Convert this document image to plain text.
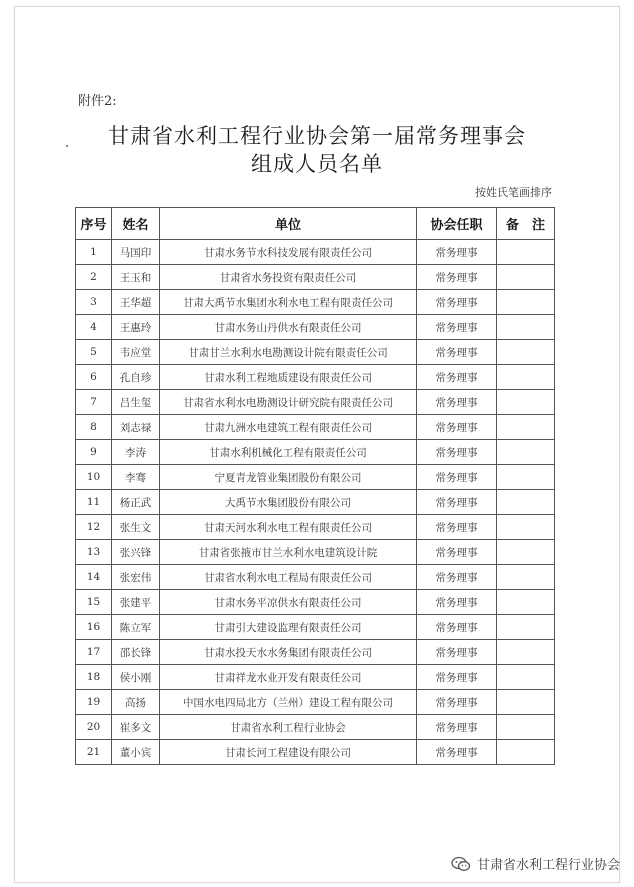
附件2:
甘肃省水利工程行业协会第一届常务理事会
组成人员名单
按姓氏笔画排序
序号	姓名	单位	协会任职	备　注
1	马国印	甘肃水务节水科技发展有限责任公司	常务理事	
2	王玉和	甘肃省水务投资有限责任公司	常务理事	
3	王华超	甘肃大禹节水集团水利水电工程有限责任公司	常务理事	
4	王惠玲	甘肃水务山丹供水有限责任公司	常务理事	
5	韦应堂	甘肃甘兰水利水电勘测设计院有限责任公司	常务理事	
6	孔自珍	甘肃水利工程地质建设有限责任公司	常务理事	
7	吕生玺	甘肃省水利水电勘测设计研究院有限责任公司	常务理事	
8	刘志禄	甘肃九洲水电建筑工程有限责任公司	常务理事	
9	李涛	甘肃水利机械化工程有限责任公司	常务理事	
10	李骞	宁夏青龙管业集团股份有限公司	常务理事	
11	杨正武	大禹节水集团股份有限公司	常务理事	
12	张生文	甘肃天河水利水电工程有限责任公司	常务理事	
13	张兴锋	甘肃省张掖市甘兰水利水电建筑设计院	常务理事	
14	张宏伟	甘肃省水利水电工程局有限责任公司	常务理事	
15	张建平	甘肃水务平凉供水有限责任公司	常务理事	
16	陈立军	甘肃引大建设监理有限责任公司	常务理事	
17	邵长锋	甘肃水投天水水务集团有限责任公司	常务理事	
18	侯小刚	甘肃祥龙水业开发有限责任公司	常务理事	
19	高扬	中国水电四局北方（兰州）建设工程有限公司	常务理事	
20	崔多文	甘肃省水利工程行业协会	常务理事	
21	董小宾	甘肃长河工程建设有限公司	常务理事	
甘肃省水利工程行业协会
